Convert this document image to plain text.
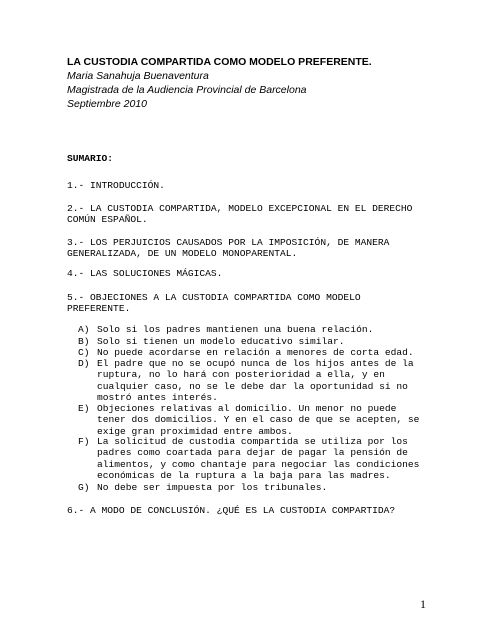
LA CUSTODIA COMPARTIDA COMO MODELO PREFERENTE.
Maria Sanahuja Buenaventura
Magistrada de la Audiencia Provincial de Barcelona
Septiembre 2010
SUMARIO:
1.- INTRODUCCIÓN.
2.- LA CUSTODIA COMPARTIDA, MODELO EXCEPCIONAL EN EL DERECHO
COMÚN ESPAÑOL.
3.- LOS PERJUICIOS CAUSADOS POR LA IMPOSICIÓN, DE MANERA
GENERALIZADA, DE UN MODELO MONOPARENTAL.
4.- LAS SOLUCIONES MÁGICAS.
5.- OBJECIONES A LA CUSTODIA COMPARTIDA COMO MODELO
PREFERENTE.
A) Solo si los padres mantienen una buena relación.
B) Solo si tienen un modelo educativo similar.
C) No puede acordarse en relación a menores de corta edad.
D) El padre que no se ocupó nunca de los hijos antes de la
ruptura, no lo hará con posterioridad a ella, y en
cualquier caso, no se le debe dar la oportunidad si no
mostró antes interés.
E) Objeciones relativas al domicilio. Un menor no puede
tener dos domicilios. Y en el caso de que se acepten, se
exige gran proximidad entre ambos.
F) La solicitud de custodia compartida se utiliza por los
padres como coartada para dejar de pagar la pensión de
alimentos, y como chantaje para negociar las condiciones
económicas de la ruptura a la baja para las madres.
G) No debe ser impuesta por los tribunales.
6.- A MODO DE CONCLUSIÓN. ¿QUÉ ES LA CUSTODIA COMPARTIDA?
1
